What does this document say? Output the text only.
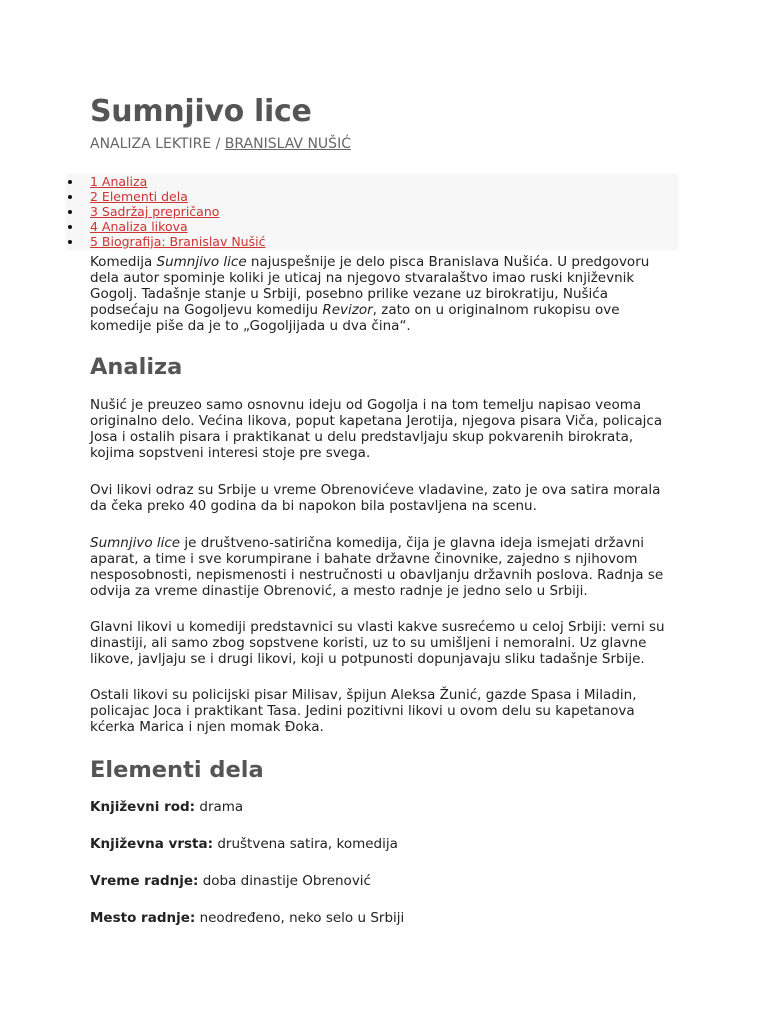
Sumnjivo lice
ANALIZA LEKTIRE / BRANISLAV NUŠIĆ
1 Analiza
2 Elementi dela
3 Sadržaj prepričano
4 Analiza likova
5 Biografija: Branislav Nušić

Komedija Sumnjivo lice najuspešnije je delo pisca Branislava Nušića. U predgovoru dela autor spominje koliki je uticaj na njegovo stvaralaštvo imao ruski književnik Gogolj. Tadašnje stanje u Srbiji, posebno prilike vezane uz birokratiju, Nušića podsećaju na Gogoljevu komediju Revizor, zato on u originalnom rukopisu ove komedije piše da je to „Gogoljijada u dva čina“.

Analiza

Nušić je preuzeo samo osnovnu ideju od Gogolja i na tom temelju napisao veoma originalno delo. Većina likova, poput kapetana Jerotija, njegova pisara Viča, policajca Josa i ostalih pisara i praktikanat u delu predstavljaju skup pokvarenih birokrata, kojima sopstveni interesi stoje pre svega.

Ovi likovi odraz su Srbije u vreme Obrenovićeve vladavine, zato je ova satira morala da čeka preko 40 godina da bi napokon bila postavljena na scenu.

Sumnjivo lice je društveno-satirična komedija, čija je glavna ideja ismejati državni aparat, a time i sve korumpirane i bahate državne činovnike, zajedno s njihovom nesposobnosti, nepismenosti i nestručnosti u obavljanju državnih poslova. Radnja se odvija za vreme dinastije Obrenović, a mesto radnje je jedno selo u Srbiji.

Glavni likovi u komediji predstavnici su vlasti kakve susrećemo u celoj Srbiji: verni su dinastiji, ali samo zbog sopstvene koristi, uz to su umišljeni i nemoralni. Uz glavne likove, javljaju se i drugi likovi, koji u potpunosti dopunjavaju sliku tadašnje Srbije.

Ostali likovi su policijski pisar Milisav, špijun Aleksa Žunić, gazde Spasa i Miladin, policajac Joca i praktikant Tasa. Jedini pozitivni likovi u ovom delu su kapetanova kćerka Marica i njen momak Đoka.

Elementi dela

Književni rod: drama

Književna vrsta: društvena satira, komedija

Vreme radnje: doba dinastije Obrenović

Mesto radnje: neodređeno, neko selo u Srbiji
